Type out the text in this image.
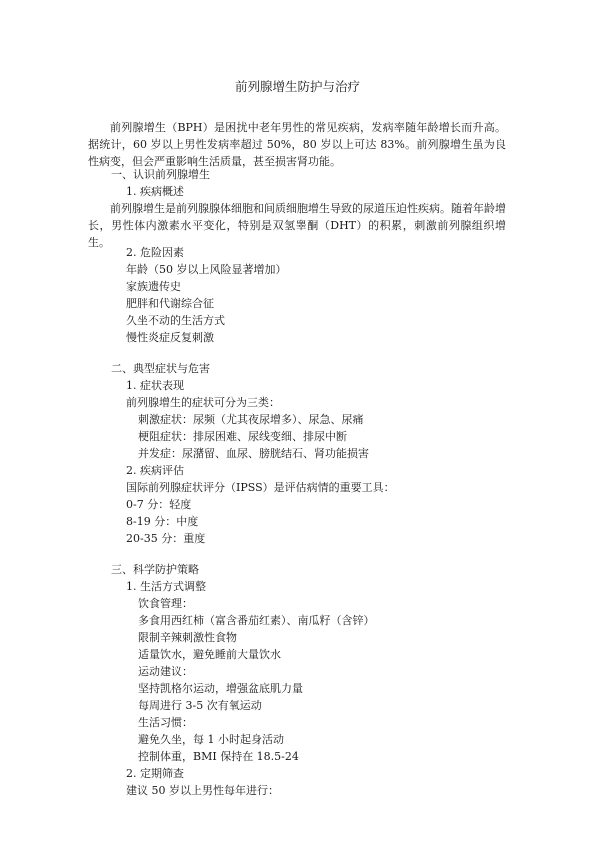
前列腺增生防护与治疗

前列腺增生（BPH）是困扰中老年男性的常见疾病，发病率随年龄增长而升高。据统计，60 岁以上男性发病率超过 50%，80 岁以上可达 83%。前列腺增生虽为良性病变，但会严重影响生活质量，甚至损害肾功能。

一、认识前列腺增生

1. 疾病概述

前列腺增生是前列腺腺体细胞和间质细胞增生导致的尿道压迫性疾病。随着年龄增长，男性体内激素水平变化，特别是双氢睾酮（DHT）的积累，刺激前列腺组织增生。

2. 危险因素

年龄（50 岁以上风险显著增加）

家族遗传史

肥胖和代谢综合征

久坐不动的生活方式

慢性炎症反复刺激

二、典型症状与危害

1. 症状表现

前列腺增生的症状可分为三类：

刺激症状：尿频（尤其夜尿增多）、尿急、尿痛

梗阻症状：排尿困难、尿线变细、排尿中断

并发症：尿潴留、血尿、膀胱结石、肾功能损害

2. 疾病评估

国际前列腺症状评分（IPSS）是评估病情的重要工具：

0-7 分：轻度

8-19 分：中度

20-35 分：重度

三、科学防护策略

1. 生活方式调整

饮食管理：

多食用西红柿（富含番茄红素）、南瓜籽（含锌）

限制辛辣刺激性食物

适量饮水，避免睡前大量饮水

运动建议：

坚持凯格尔运动，增强盆底肌力量

每周进行 3-5 次有氧运动

生活习惯：

避免久坐，每 1 小时起身活动

控制体重，BMI 保持在 18.5-24

2. 定期筛查

建议 50 岁以上男性每年进行：
